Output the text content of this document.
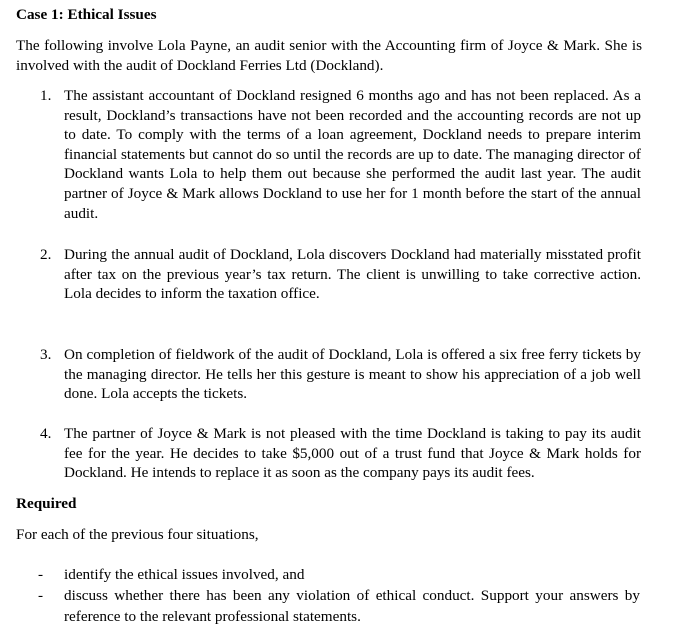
Case 1: Ethical Issues

The following involve Lola Payne, an audit senior with the Accounting firm of Joyce & Mark. She is involved with the audit of Dockland Ferries Ltd (Dockland).

1. The assistant accountant of Dockland resigned 6 months ago and has not been replaced. As a result, Dockland’s transactions have not been recorded and the accounting records are not up to date. To comply with the terms of a loan agreement, Dockland needs to prepare interim financial statements but cannot do so until the records are up to date. The managing director of Dockland wants Lola to help them out because she performed the audit last year. The audit partner of Joyce & Mark allows Dockland to use her for 1 month before the start of the annual audit.
2. During the annual audit of Dockland, Lola discovers Dockland had materially misstated profit after tax on the previous year’s tax return. The client is unwilling to take corrective action. Lola decides to inform the taxation office.
3. On completion of fieldwork of the audit of Dockland, Lola is offered a six free ferry tickets by the managing director. He tells her this gesture is meant to show his appreciation of a job well done. Lola accepts the tickets.
4. The partner of Joyce & Mark is not pleased with the time Dockland is taking to pay its audit fee for the year. He decides to take $5,000 out of a trust fund that Joyce & Mark holds for Dockland. He intends to replace it as soon as the company pays its audit fees.
Required
For each of the previous four situations,
- identify the ethical issues involved, and
- discuss whether there has been any violation of ethical conduct. Support your answers by reference to the relevant professional statements.
